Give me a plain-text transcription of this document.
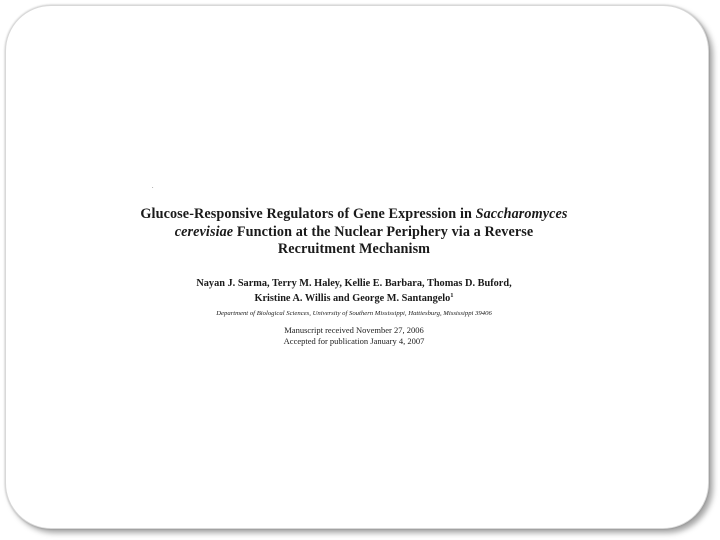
.
Glucose-Responsive Regulators of Gene Expression in Saccharomyces
cerevisiae Function at the Nuclear Periphery via a Reverse
Recruitment Mechanism
Nayan J. Sarma, Terry M. Haley, Kellie E. Barbara, Thomas D. Buford,
Kristine A. Willis and George M. Santangelo$^1$
Department of Biological Sciences, University of Southern Mississippi, Hattiesburg, Mississippi 39406
Manuscript received November 27, 2006
Accepted for publication January 4, 2007
